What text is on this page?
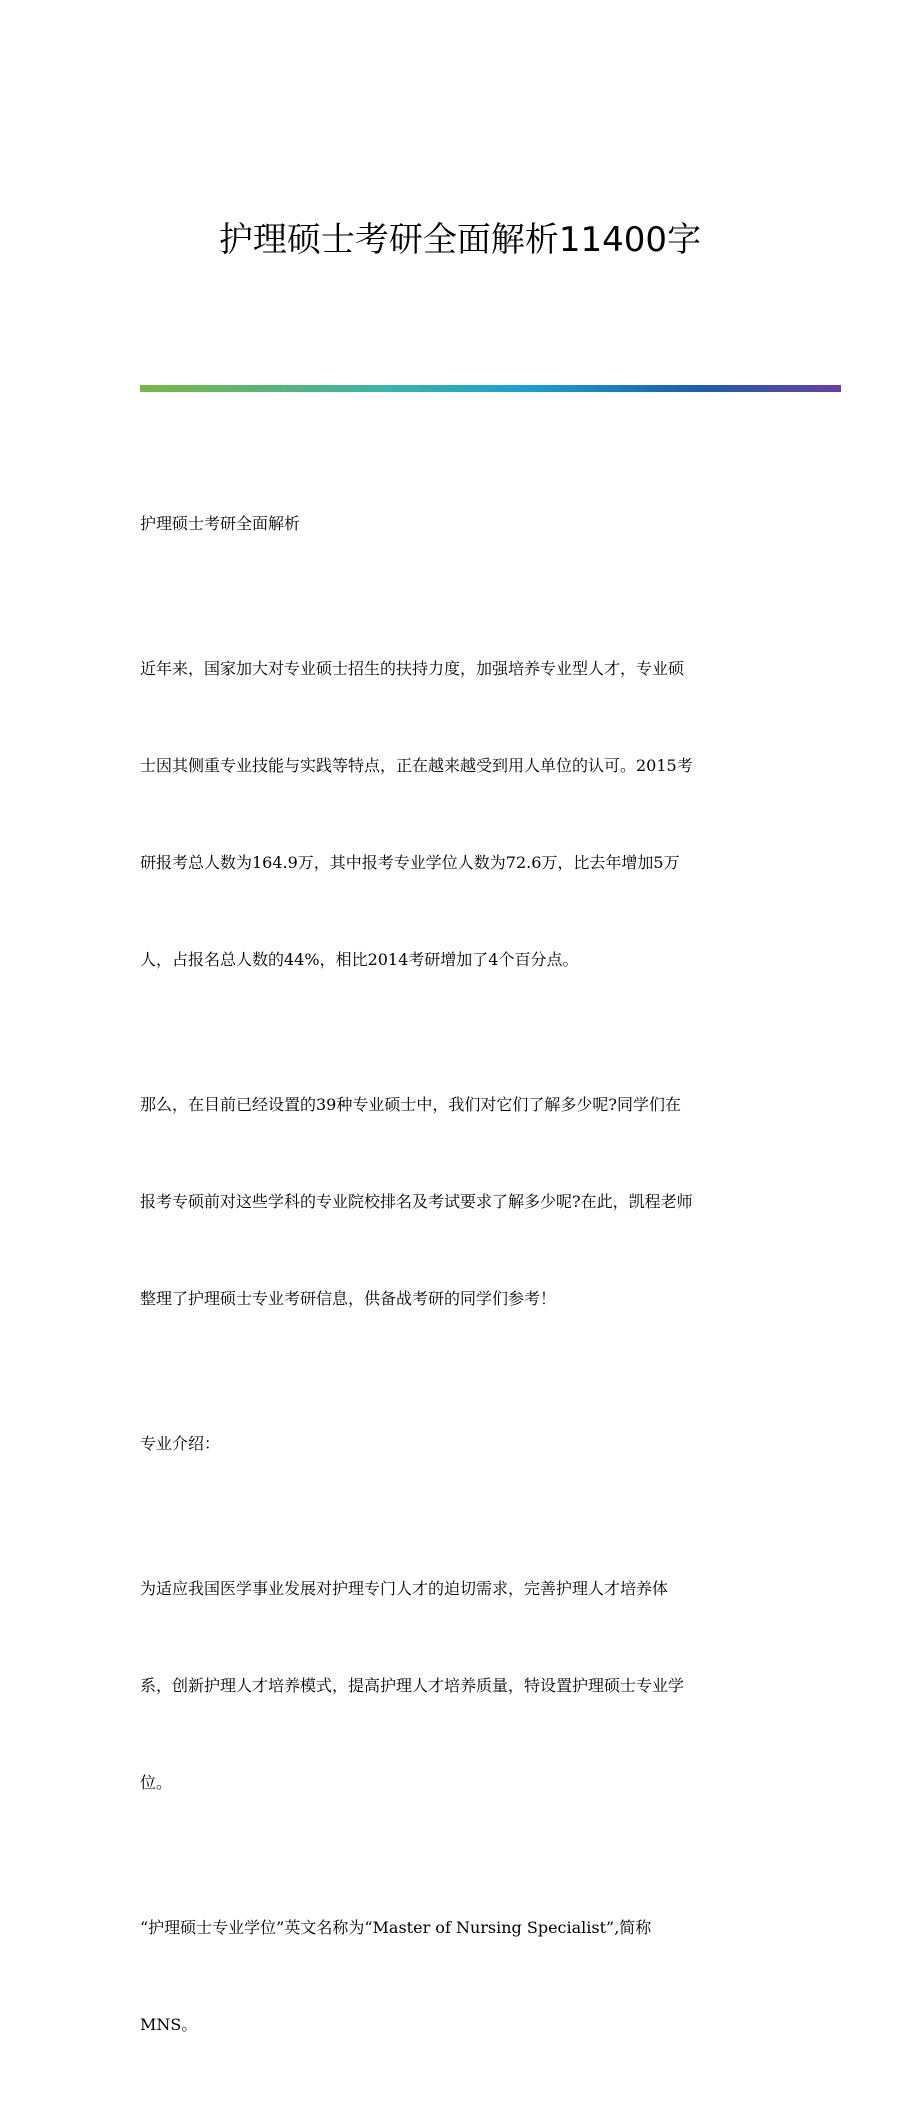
护理硕士考研全面解析11400字

护理硕士考研全面解析

近年来，国家加大对专业硕士招生的扶持力度，加强培养专业型人才，专业硕

士因其侧重专业技能与实践等特点，正在越来越受到用人单位的认可。2015考

研报考总人数为164.9万，其中报考专业学位人数为72.6万，比去年增加5万

人，占报名总人数的44%，相比2014考研增加了4个百分点。

那么，在目前已经设置的39种专业硕士中，我们对它们了解多少呢?同学们在

报考专硕前对这些学科的专业院校排名及考试要求了解多少呢?在此，凯程老师

整理了护理硕士专业考研信息，供备战考研的同学们参考！

专业介绍：

为适应我国医学事业发展对护理专门人才的迫切需求，完善护理人才培养体

系，创新护理人才培养模式，提高护理人才培养质量，特设置护理硕士专业学

位。

“护理硕士专业学位”英文名称为“Master of Nursing Specialist”,简称

MNS。
